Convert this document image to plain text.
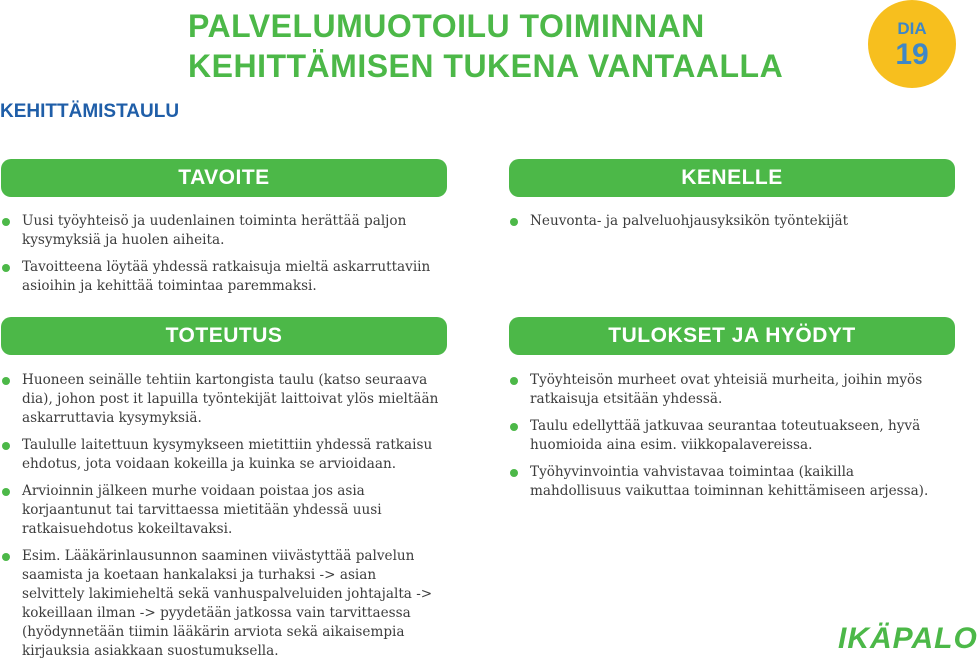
PALVELUMUOTOILU TOIMINNAN
KEHITTÄMISEN TUKENA VANTAALLA
DIA
19
KEHITTÄMISTAULU
TAVOITE
Uusi työyhteisö ja uudenlainen toiminta herättää paljon kysymyksiä ja huolen aiheita.
Tavoitteena löytää yhdessä ratkaisuja mieltä askarruttaviin asioihin ja kehittää toimintaa paremmaksi.
KENELLE
Neuvonta- ja palveluohjausyksikön työntekijät
TOTEUTUS
Huoneen seinälle tehtiin kartongista taulu (katso seuraava dia), johon post it lapuilla työntekijät laittoivat ylös mieltään askarruttavia kysymyksiä.
Taululle laitettuun kysymykseen mietittiin yhdessä ratkaisu ehdotus, jota voidaan kokeilla ja kuinka se arvioidaan.
Arvioinnin jälkeen murhe voidaan poistaa jos asia korjaantunut tai tarvittaessa mietitään yhdessä uusi ratkaisuehdotus kokeiltavaksi.
Esim. Lääkärinlausunnon saaminen viivästyttää palvelun saamista ja koetaan hankalaksi ja turhaksi -> asian selvittely lakimieheltä sekä vanhuspalveluiden johtajalta -> kokeillaan ilman -> pyydetään jatkossa vain tarvittaessa (hyödynnetään tiimin lääkärin arviota sekä aikaisempia kirjauksia asiakkaan suostumuksella.
TULOKSET JA HYÖDYT
Työyhteisön murheet ovat yhteisiä murheita, joihin myös ratkaisuja etsitään yhdessä.
Taulu edellyttää jatkuvaa seurantaa toteutuakseen, hyvä huomioida aina esim. viikkopalavereissa.
Työhyvinvointia vahvistavaa toimintaa (kaikilla mahdollisuus vaikuttaa toiminnan kehittämiseen arjessa).
IKÄPALO
